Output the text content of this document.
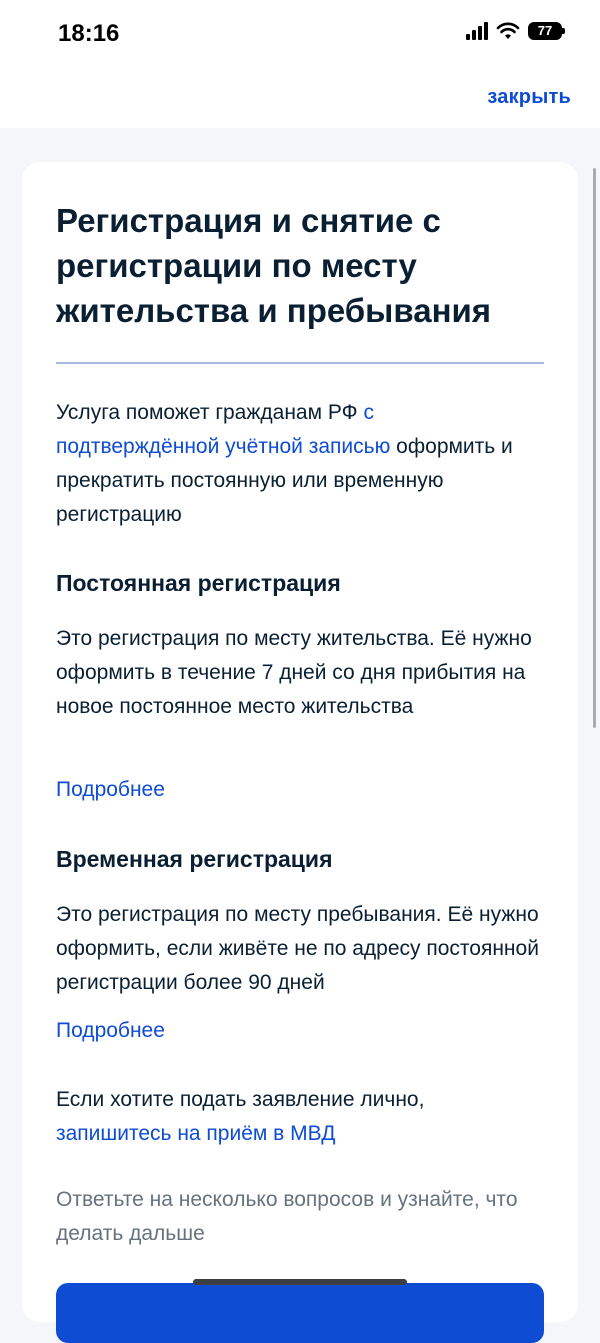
18:16	77
закрыть
Регистрация и снятие с регистрации по месту жительства и пребывания

Услуга поможет гражданам РФ с подтверждённой учётной записью оформить и прекратить постоянную или временную регистрацию

Постоянная регистрация

Это регистрация по месту жительства. Её нужно оформить в течение 7 дней со дня прибытия на новое постоянное место жительства

Подробнее
Временная регистрация

Это регистрация по месту пребывания. Её нужно оформить, если живёте не по адресу постоянной регистрации более 90 дней

Подробнее

Если хотите подать заявление лично,
запишитесь на приём в МВД

Ответьте на несколько вопросов и узнайте, что делать дальше
